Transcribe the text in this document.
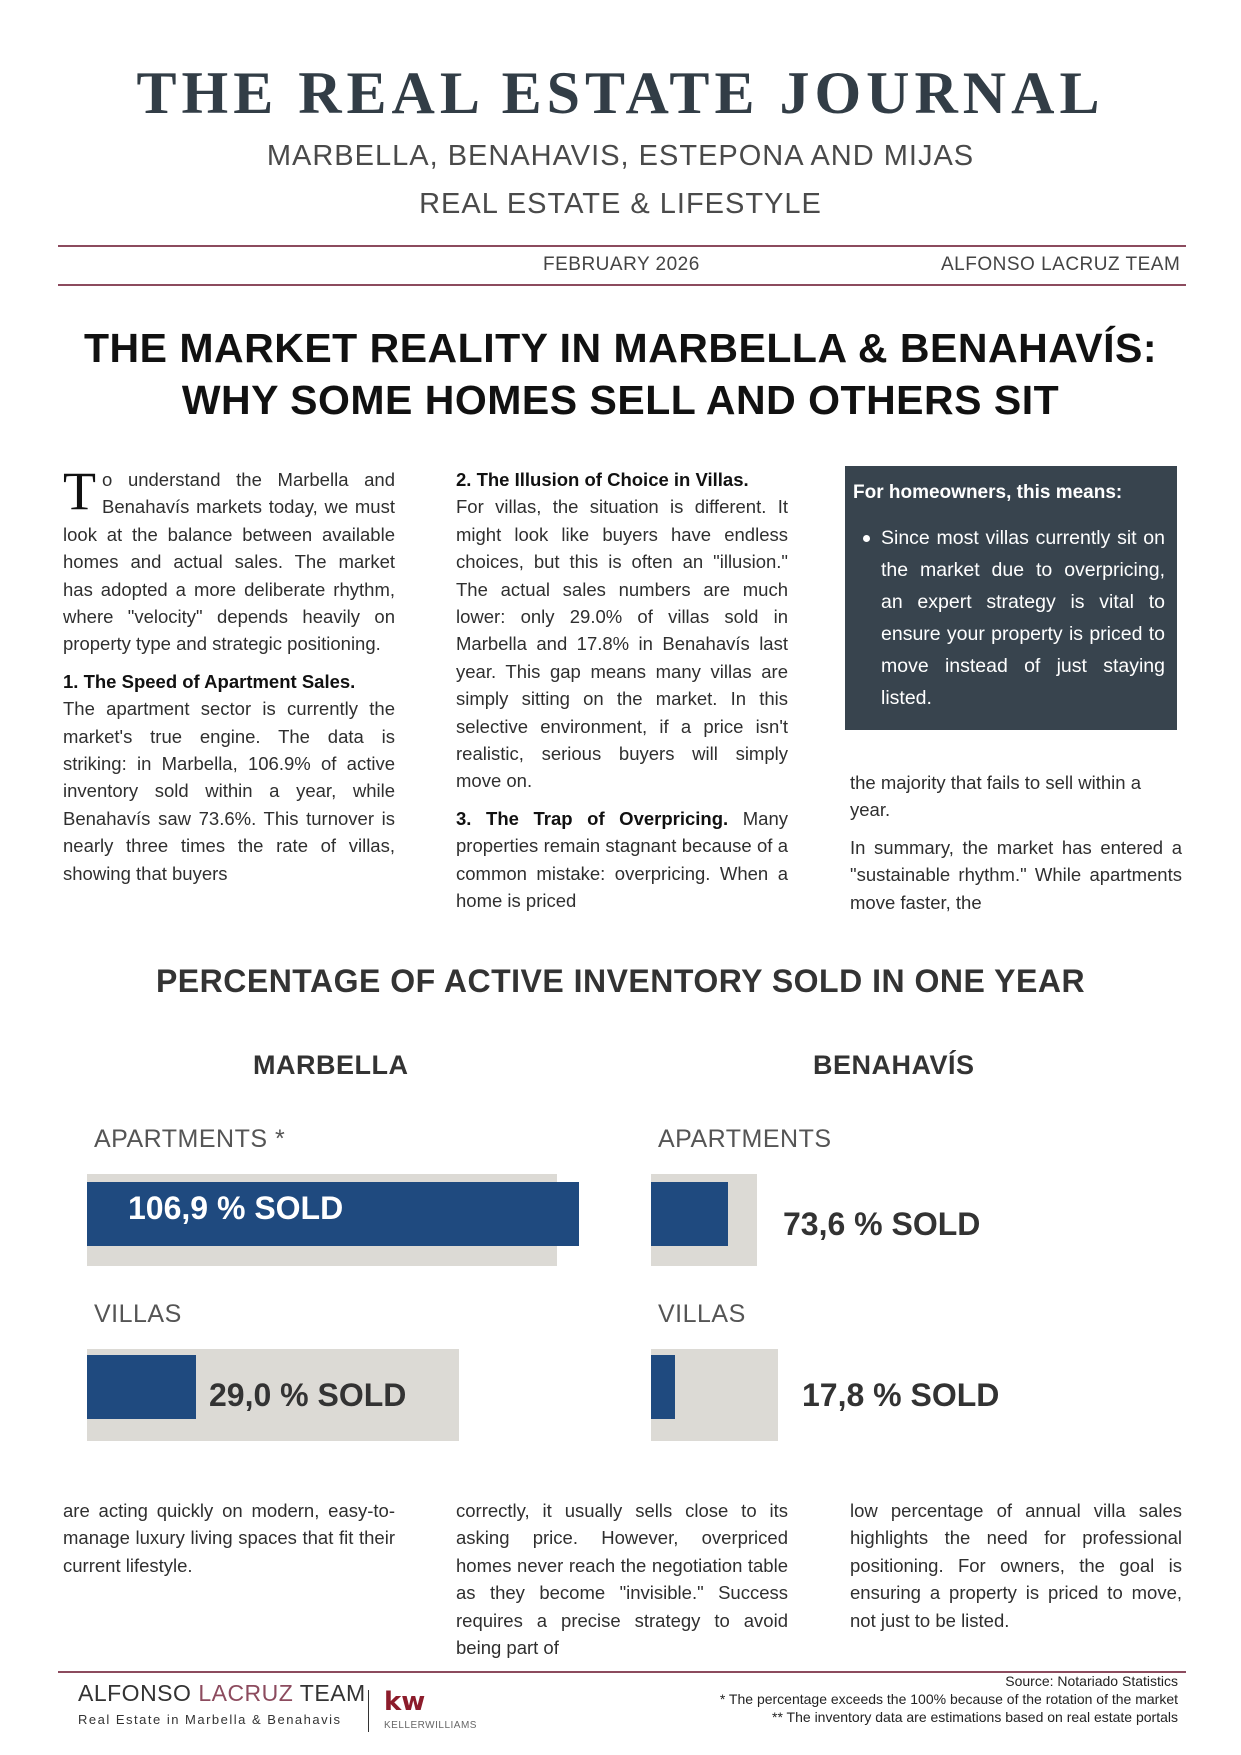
THE REAL ESTATE JOURNAL
MARBELLA, BENAHAVIS, ESTEPONA AND MIJAS
REAL ESTATE & LIFESTYLE
FEBRUARY 2026	ALFONSO LACRUZ TEAM
THE MARKET REALITY IN MARBELLA & BENAHAVÍS:
WHY SOME HOMES SELL AND OTHERS SIT

To understand the Marbella and Benahavís markets today, we must look at the balance between available homes and actual sales. The market has adopted a more deliberate rhythm, where "velocity" depends heavily on property type and strategic positioning.

1. The Speed of Apartment Sales.
The apartment sector is currently the market's true engine. The data is striking: in Marbella, 106.9% of active inventory sold within a year, while Benahavís saw 73.6%. This turnover is nearly three times the rate of villas, showing that buyers

2. The Illusion of Choice in Villas.
For villas, the situation is different. It might look like buyers have endless choices, but this is often an "illusion." The actual sales numbers are much lower: only 29.0% of villas sold in Marbella and 17.8% in Benahavís last year. This gap means many villas are simply sitting on the market. In this selective environment, if a price isn't realistic, serious buyers will simply move on.

3. The Trap of Overpricing. Many properties remain stagnant because of a common mistake: overpricing. When a home is priced

For homeowners, this means:
Since most villas currently sit on the market due to overpricing, an expert strategy is vital to ensure your property is priced to move instead of just staying listed.

the majority that fails to sell within a year.

In summary, the market has entered a "sustainable rhythm." While apartments move faster, the

PERCENTAGE OF ACTIVE INVENTORY SOLD IN ONE YEAR
MARBELLA	BENAHAVÍS
APARTMENTS *	APARTMENTS
106,9 % SOLD	73,6 % SOLD
VILLAS	VILLAS
29,0 % SOLD	17,8 % SOLD
are acting quickly on modern, easy-to-manage luxury living spaces that fit their current lifestyle.
correctly, it usually sells close to its asking price. However, overpriced homes never reach the negotiation table as they become "invisible." Success requires a precise strategy to avoid being part of
low percentage of annual villa sales highlights the need for professional positioning. For owners, the goal is ensuring a property is priced to move, not just to be listed.
ALFONSO LACRUZ TEAM
Real Estate in Marbella & Benahavis
kw
KELLERWILLIAMS
Source: Notariado Statistics
* The percentage exceeds the 100% because of the rotation of the market
** The inventory data are estimations based on real estate portals
